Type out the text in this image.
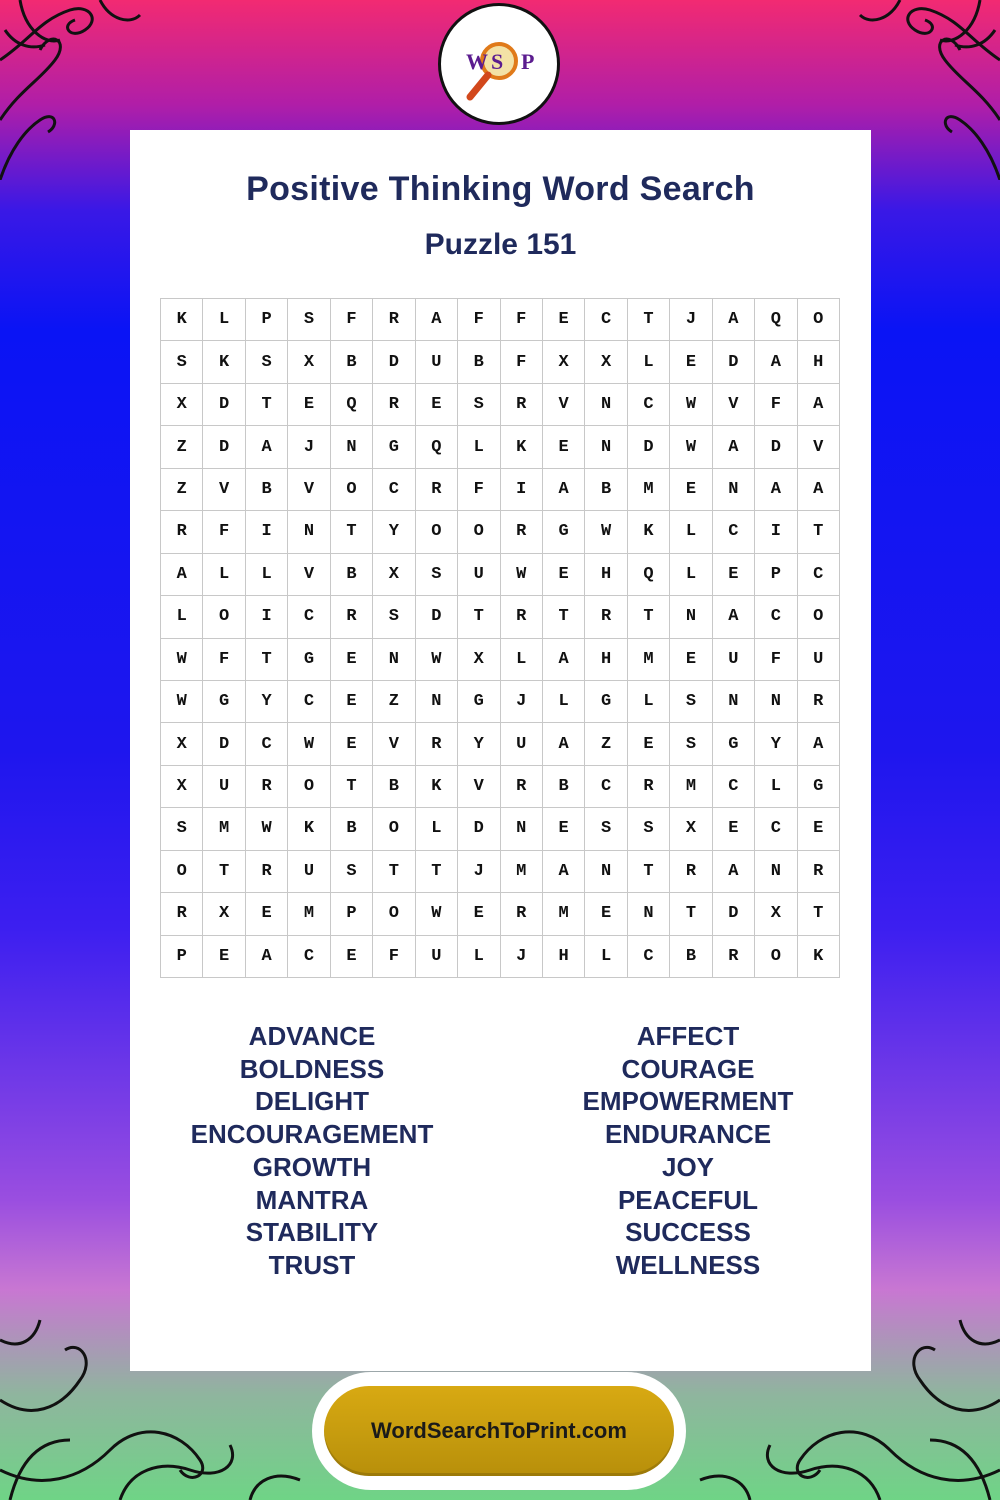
W S P
Positive Thinking Word Search
Puzzle 151
K	L	P	S	F	R	A	F	F	E	C	T	J	A	Q	O
S	K	S	X	B	D	U	B	F	X	X	L	E	D	A	H
X	D	T	E	Q	R	E	S	R	V	N	C	W	V	F	A
Z	D	A	J	N	G	Q	L	K	E	N	D	W	A	D	V
Z	V	B	V	O	C	R	F	I	A	B	M	E	N	A	A
R	F	I	N	T	Y	O	O	R	G	W	K	L	C	I	T
A	L	L	V	B	X	S	U	W	E	H	Q	L	E	P	C
L	O	I	C	R	S	D	T	R	T	R	T	N	A	C	O
W	F	T	G	E	N	W	X	L	A	H	M	E	U	F	U
W	G	Y	C	E	Z	N	G	J	L	G	L	S	N	N	R
X	D	C	W	E	V	R	Y	U	A	Z	E	S	G	Y	A
X	U	R	O	T	B	K	V	R	B	C	R	M	C	L	G
S	M	W	K	B	O	L	D	N	E	S	S	X	E	C	E
O	T	R	U	S	T	T	J	M	A	N	T	R	A	N	R
R	X	E	M	P	O	W	E	R	M	E	N	T	D	X	T
P	E	A	C	E	F	U	L	J	H	L	C	B	R	O	K
ADVANCE
BOLDNESS
DELIGHT
ENCOURAGEMENT
GROWTH
MANTRA
STABILITY
TRUST
AFFECT
COURAGE
EMPOWERMENT
ENDURANCE
JOY
PEACEFUL
SUCCESS
WELLNESS
WordSearchToPrint.com
